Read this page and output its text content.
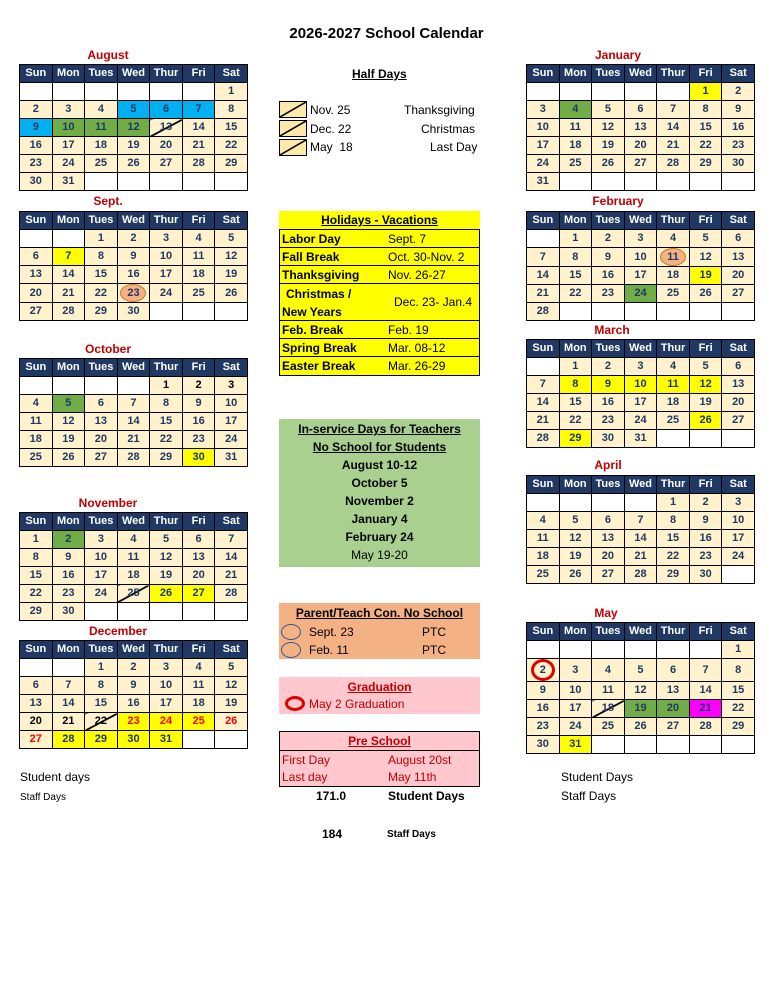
2026-2027 School Calendar
August
Sept.
October
November
December
January
February
March
April
May
Sun	Mon	Tues	Wed	Thur	Fri	Sat
						1
2	3	4	5	6	7	8
9	10	11	12	13	14	15
16	17	18	19	20	21	22
23	24	25	26	27	28	29
30	31					
Sun	Mon	Tues	Wed	Thur	Fri	Sat
		1	2	3	4	5
6	7	8	9	10	11	12
13	14	15	16	17	18	19
20	21	22	23	24	25	26
27	28	29	30			
Sun	Mon	Tues	Wed	Thur	Fri	Sat
				1	2	3
4	5	6	7	8	9	10
11	12	13	14	15	16	17
18	19	20	21	22	23	24
25	26	27	28	29	30	31
Sun	Mon	Tues	Wed	Thur	Fri	Sat
1	2	3	4	5	6	7
8	9	10	11	12	13	14
15	16	17	18	19	20	21
22	23	24	25	26	27	28
29	30					
Sun	Mon	Tues	Wed	Thur	Fri	Sat
		1	2	3	4	5
6	7	8	9	10	11	12
13	14	15	16	17	18	19
20	21	22	23	24	25	26
27	28	29	30	31		
Sun	Mon	Tues	Wed	Thur	Fri	Sat
					1	2
3	4	5	6	7	8	9
10	11	12	13	14	15	16
17	18	19	20	21	22	23
24	25	26	27	28	29	30
31						
Sun	Mon	Tues	Wed	Thur	Fri	Sat
	1	2	3	4	5	6
7	8	9	10	11	12	13
14	15	16	17	18	19	20
21	22	23	24	25	26	27
28						
Sun	Mon	Tues	Wed	Thur	Fri	Sat
	1	2	3	4	5	6
7	8	9	10	11	12	13
14	15	16	17	18	19	20
21	22	23	24	25	26	27
28	29	30	31			
Sun	Mon	Tues	Wed	Thur	Fri	Sat
				1	2	3
4	5	6	7	8	9	10
11	12	13	14	15	16	17
18	19	20	21	22	23	24
25	26	27	28	29	30	
Sun	Mon	Tues	Wed	Thur	Fri	Sat
						1
2	3	4	5	6	7	8
9	10	11	12	13	14	15
16	17	18	19	20	21	22
23	24	25	26	27	28	29
30	31					
Half Days
Nov. 25	Thanksgiving
Dec. 22	Christmas
May  18	Last Day
Holidays - Vacations
Labor Day	Sept. 7
Fall Break	Oct. 30-Nov. 2
Thanksgiving Nov. 26-27
Christmas /
New Years
Dec. 23- Jan.4
Feb. Break	Feb. 19
Spring Break	Mar. 08-12
Easter Break	Mar. 26-29
In-service Days for Teachers
No School for Students
August 10-12
October 5
November 2
January 4
February 24
May 19-20
Parent/Teach Con. No School
Sept. 23	PTC
Feb. 11	PTC
Graduation
May 2 Graduation
Pre School
First Day	August 20st
Last day	May 11th
Student days
Staff Days	171.0	Student Days
184	Staff Days
Student Days
Staff Days
